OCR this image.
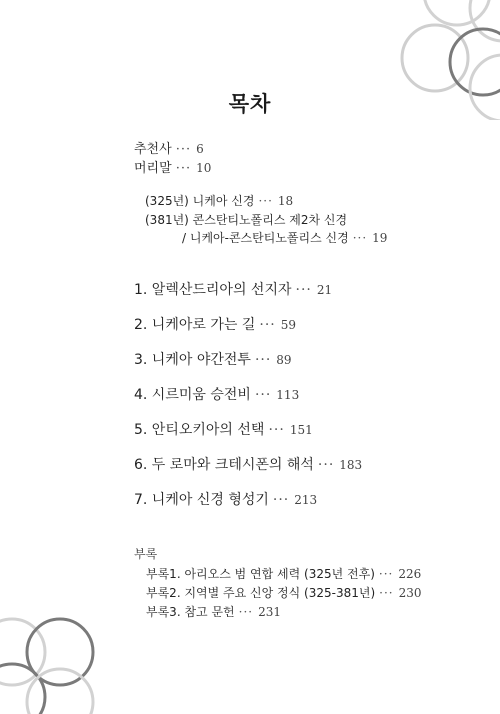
목차
추천사 ··· 6
머리말 ··· 10
(325년) 니케아 신경 ··· 18
(381년) 콘스탄티노폴리스 제2차 신경
/ 니케아-콘스탄티노폴리스 신경 ··· 19
1. 알렉산드리아의 선지자 ··· 21
2. 니케아로 가는 길 ··· 59
3. 니케아 야간전투 ··· 89
4. 시르미움 승전비 ··· 113
5. 안티오키아의 선택 ··· 151
6. 두 로마와 크테시폰의 해석 ··· 183
7. 니케아 신경 형성기 ··· 213
부록
부록1. 아리오스 범 연합 세력 (325년 전후) ··· 226
부록2. 지역별 주요 신앙 정식 (325-381년) ··· 230
부록3. 참고 문헌 ··· 231
